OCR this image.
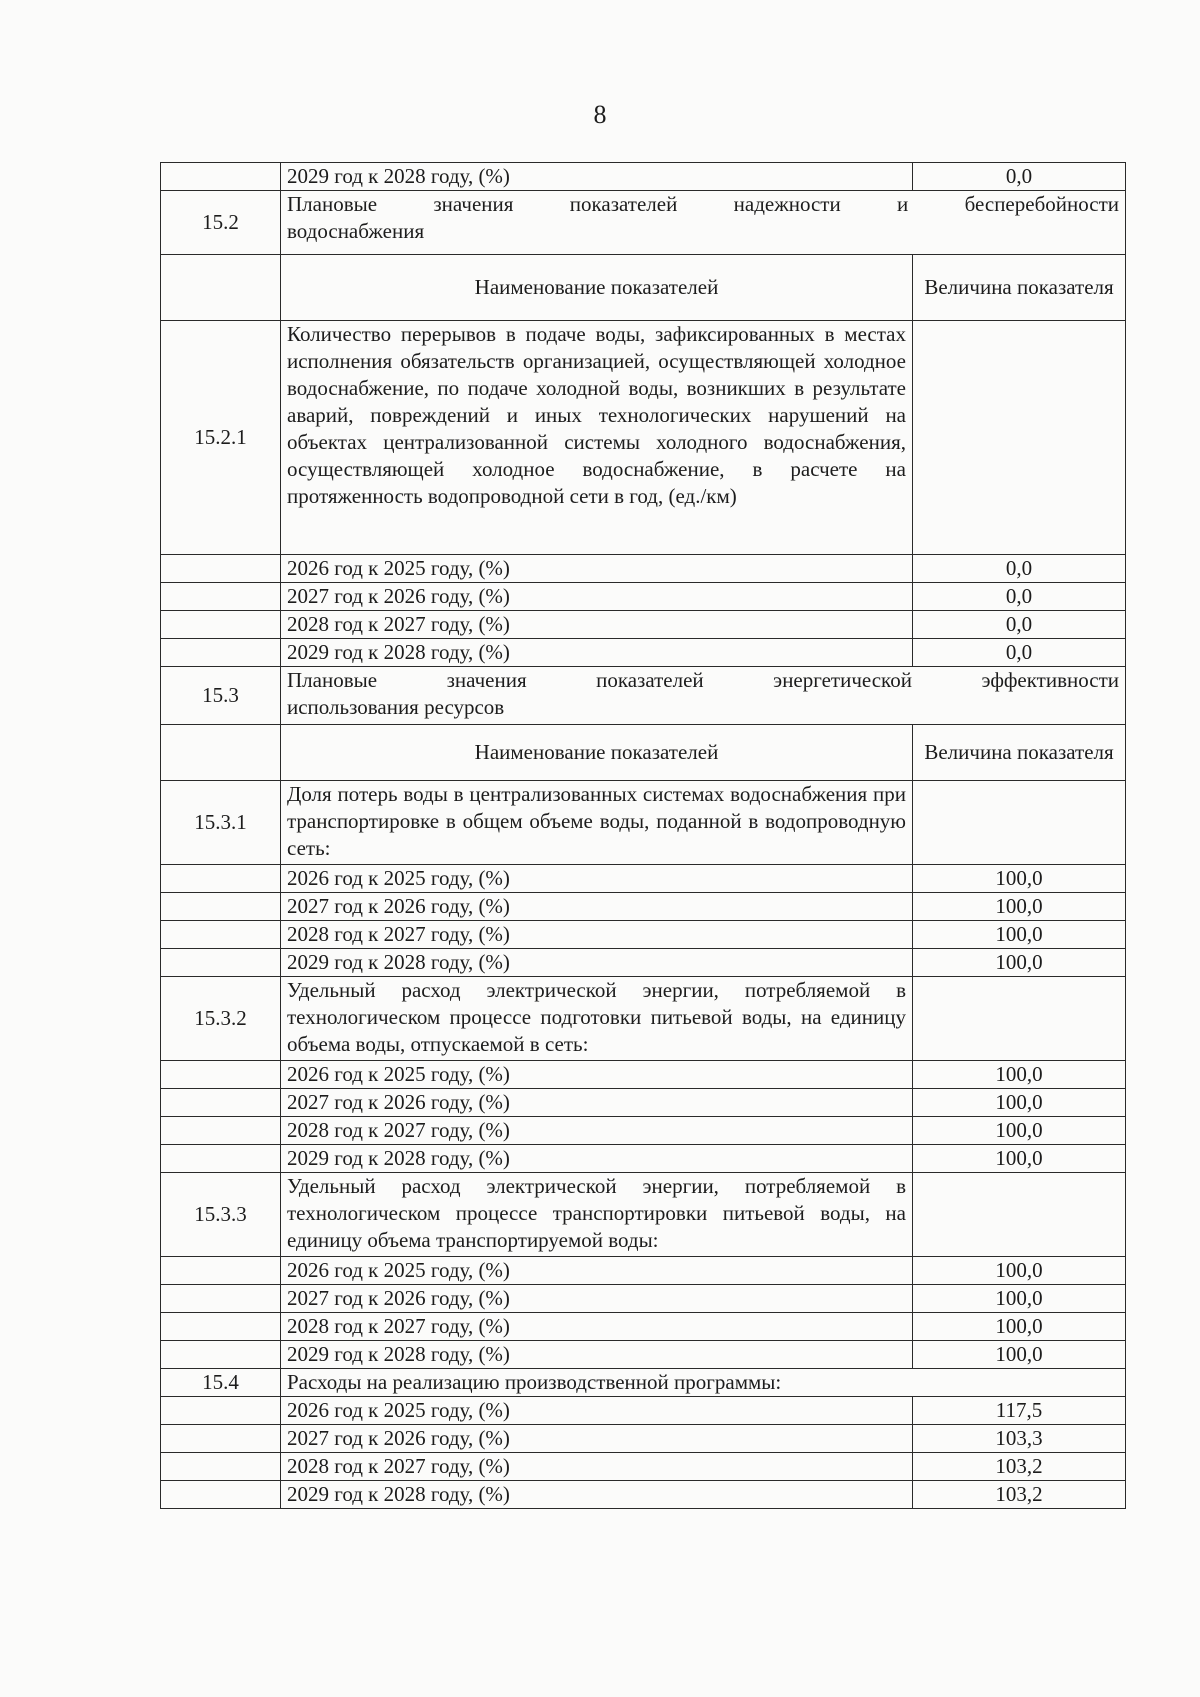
8
	2029 год к 2028 году, (%)	0,0
15.2	Плановые значения показателей надежности и бесперебойности
водоснабжения	

	Наименование показателей	Величина показателя
15.2.1	Количество перерывов в подаче воды, зафиксированных в местах исполнения обязательств организацией, осуществляющей холодное водоснабжение, по подаче холодной воды, возникших в результате аварий, повреждений и иных технологических нарушений на объектах централизованной системы холодного водоснабжения, осуществляющей холодное водоснабжение, в расчете на протяженность водопроводной сети в год, (ед./км)	
	2026 год к 2025 году, (%)	0,0
	2027 год к 2026 году, (%)	0,0
	2028 год к 2027 году, (%)	0,0
	2029 год к 2028 году, (%)	0,0
15.3	Плановые значения показателей энергетической эффективности
использования ресурсов	

	Наименование показателей	Величина показателя
15.3.1	Доля потерь воды в централизованных системах водоснабжения при транспортировке в общем объеме воды, поданной в водопроводную сеть:	
	2026 год к 2025 году, (%)	100,0
	2027 год к 2026 году, (%)	100,0
	2028 год к 2027 году, (%)	100,0
	2029 год к 2028 году, (%)	100,0
15.3.2	Удельный расход электрической энергии, потребляемой в технологическом процессе подготовки питьевой воды, на единицу объема воды, отпускаемой в сеть:	
	2026 год к 2025 году, (%)	100,0
	2027 год к 2026 году, (%)	100,0
	2028 год к 2027 году, (%)	100,0
	2029 год к 2028 году, (%)	100,0
15.3.3	Удельный расход электрической энергии, потребляемой в технологическом процессе транспортировки питьевой воды, на единицу объема транспортируемой воды:	
	2026 год к 2025 году, (%)	100,0
	2027 год к 2026 году, (%)	100,0
	2028 год к 2027 году, (%)	100,0
	2029 год к 2028 году, (%)	100,0
15.4	Расходы на реализацию производственной программы:	
	2026 год к 2025 году, (%)	117,5
	2027 год к 2026 году, (%)	103,3
	2028 год к 2027 году, (%)	103,2
	2029 год к 2028 году, (%)	103,2
